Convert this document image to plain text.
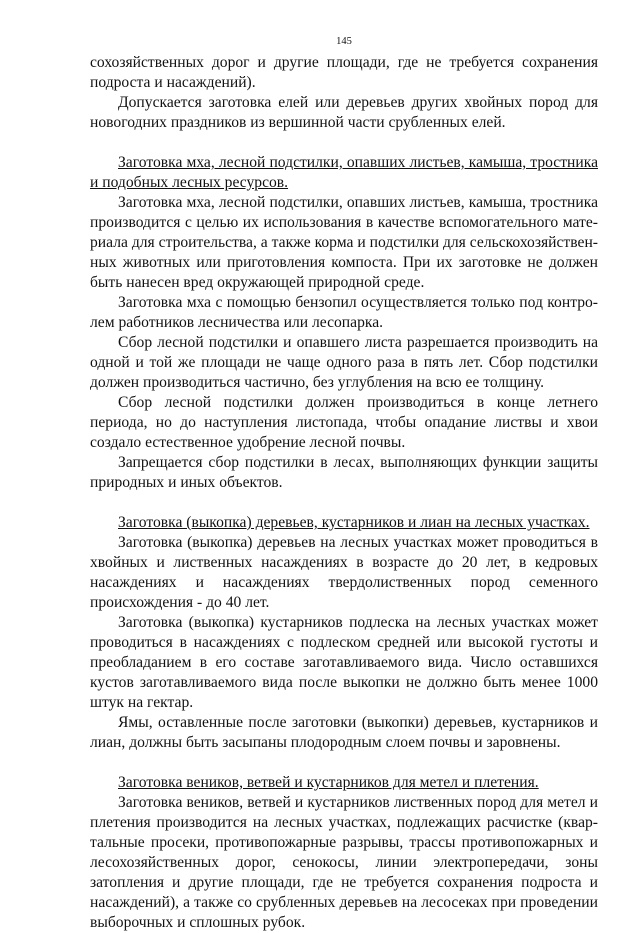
145

сохозяйственных дорог и другие площади, где не требуется сохранения подроста и насаждений).

Допускается заготовка елей или деревьев других хвойных пород для новогодних праздников из вершинной части срубленных елей.

Заготовка мха, лесной подстилки, опавших листьев, камыша, тростника и подобных лесных ресурсов.

Заготовка мха, лесной подстилки, опавших листьев, камыша, тростника производится с целью их использования в качестве вспомогательного материала для строительства, а также корма и подстилки для сельскохозяйственных животных или приготовления компоста. При их заготовке не должен быть нанесен вред окружающей природной среде.

Заготовка мха с помощью бензопил осуществляется только под контролем работников лесничества или лесопарка.

Сбор лесной подстилки и опавшего листа разрешается производить на одной и той же площади не чаще одного раза в пять лет. Сбор подстилки должен производиться частично, без углубления на всю ее толщину.

Сбор лесной подстилки должен производиться в конце летнего периода, но до наступления листопада, чтобы опадание листвы и хвои создало естественное удобрение лесной почвы.

Запрещается сбор подстилки в лесах, выполняющих функции защиты природных и иных объектов.

Заготовка (выкопка) деревьев, кустарников и лиан на лесных участках.

Заготовка (выкопка) деревьев на лесных участках может проводиться в хвойных и лиственных насаждениях в возрасте до 20 лет, в кедровых насаждениях и насаждениях твердолиственных пород семенного происхождения - до 40 лет.

Заготовка (выкопка) кустарников подлеска на лесных участках может проводиться в насаждениях с подлеском средней или высокой густоты и преобладанием в его составе заготавливаемого вида. Число оставшихся кустов заготавливаемого вида после выкопки не должно быть менее 1000 штук на гектар.

Ямы, оставленные после заготовки (выкопки) деревьев, кустарников и лиан, должны быть засыпаны плодородным слоем почвы и заровнены.

Заготовка веников, ветвей и кустарников для метел и плетения.

Заготовка веников, ветвей и кустарников лиственных пород для метел и плетения производится на лесных участках, подлежащих расчистке (квартальные просеки, противопожарные разрывы, трассы противопожарных и лесохозяйственных дорог, сенокосы, линии электропередачи, зоны затопления и другие площади, где не требуется сохранения подроста и насаждений), а также со срубленных деревьев на лесосеках при проведении выборочных и сплошных рубок.
